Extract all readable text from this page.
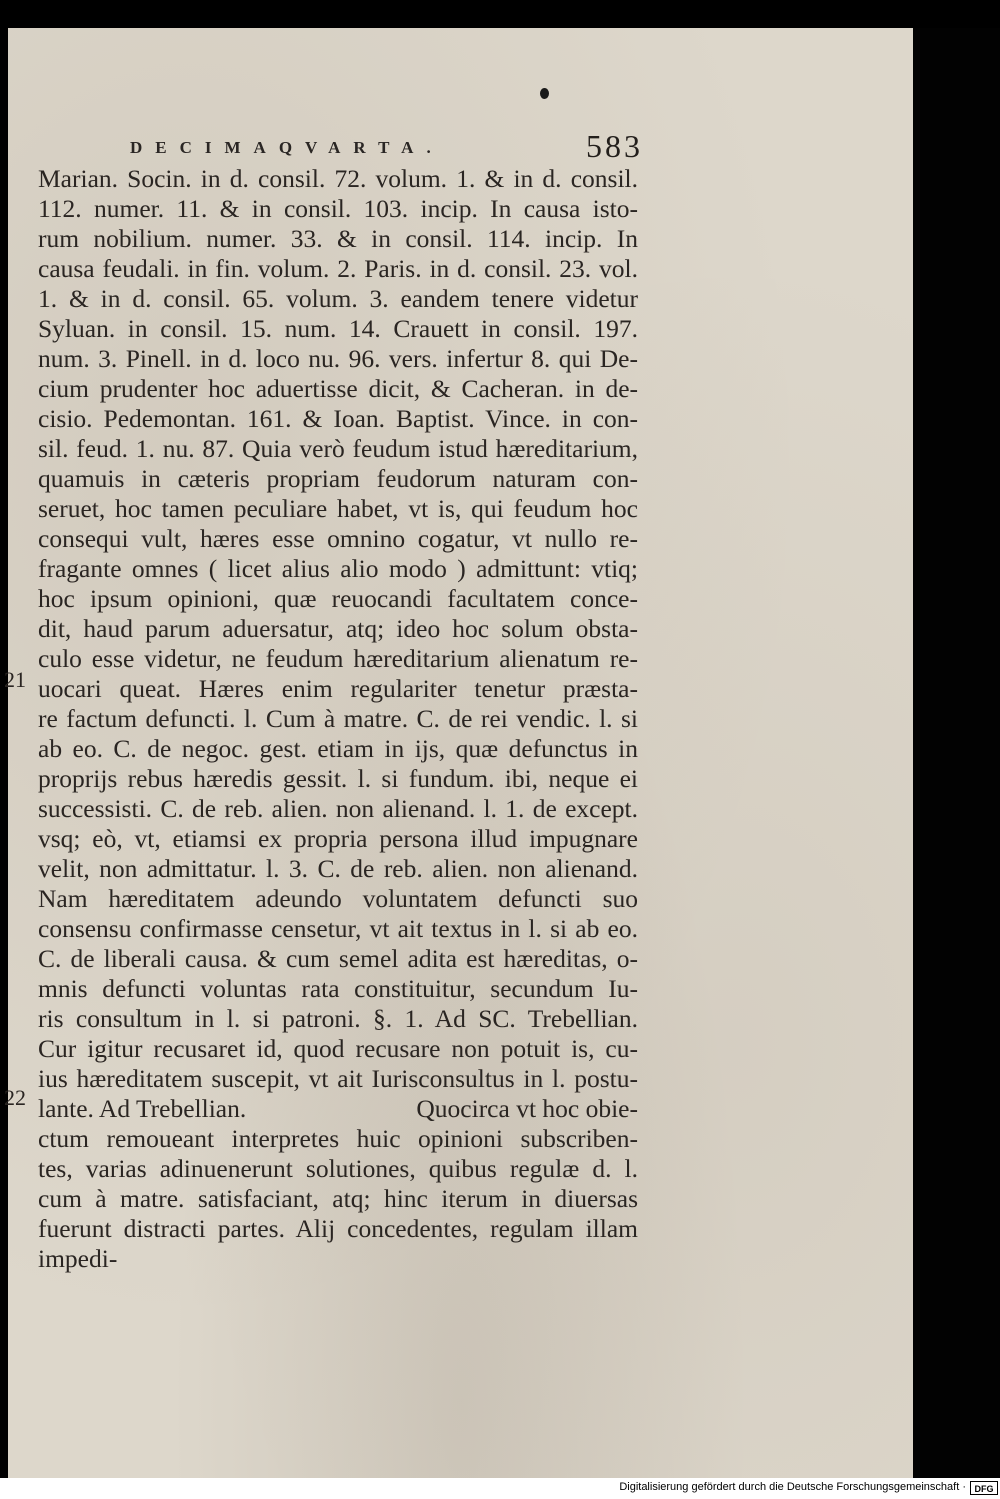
DECIMAQVARTA.	583
Marian. Socin. in d. consil. 72. volum. 1. & in d. consil.
112. numer. 11. & in consil. 103. incip. In causa isto-
rum nobilium. numer. 33. & in consil. 114. incip. In
causa feudali. in fin. volum. 2. Paris. in d. consil. 23. vol.
1. & in d. consil. 65. volum. 3. eandem tenere videtur
Syluan. in consil. 15. num. 14. Crauett in consil. 197.
num. 3. Pinell. in d. loco nu. 96. vers. infertur 8. qui De-
cium prudenter hoc aduertisse dicit, & Cacheran. in de-
cisio. Pedemontan. 161. & Ioan. Baptist. Vince. in con-
sil. feud. 1. nu. 87. Quia verò feudum istud hæreditarium,
quamuis in cæteris propriam feudorum naturam con-
seruet, hoc tamen peculiare habet, vt is, qui feudum hoc
consequi vult, hæres esse omnino cogatur, vt nullo re-
fragante omnes ( licet alius alio modo ) admittunt: vtiq;
hoc ipsum opinioni, quæ reuocandi facultatem conce-
dit, haud parum aduersatur, atq; ideo hoc solum obsta-
culo esse videtur, ne feudum hæreditarium alienatum re-
uocari queat. Hæres enim regulariter tenetur præsta-
re factum defuncti. l. Cum à matre. C. de rei vendic. l. si
ab eo. C. de negoc. gest. etiam in ijs, quæ defunctus in
proprijs rebus hæredis gessit. l. si fundum. ibi, neque ei
successisti. C. de reb. alien. non alienand. l. 1. de except.
vsq; eò, vt, etiamsi ex propria persona illud impugnare
velit, non admittatur. l. 3. C. de reb. alien. non alienand.
Nam hæreditatem adeundo voluntatem defuncti suo
consensu confirmasse censetur, vt ait textus in l. si ab eo.
C. de liberali causa. & cum semel adita est hæreditas, o-
mnis defuncti voluntas rata constituitur, secundum Iu-
ris consultum in l. si patroni. §. 1. Ad SC. Trebellian.
Cur igitur recusaret id, quod recusare non potuit is, cu-
ius hæreditatem suscepit, vt ait Iurisconsultus in l. postu-
lante. Ad Trebellian.	Quocirca vt hoc obie-
ctum remoueant interpretes huic opinioni subscriben-
tes, varias adinuenerunt solutiones, quibus regulæ d. l.
cum à matre. satisfaciant, atq; hinc iterum in diuersas
fuerunt distracti partes. Alij concedentes, regulam illam
impedi-
21
22
Digitalisierung gefördert durch die Deutsche Forschungsgemeinschaft · DFG
